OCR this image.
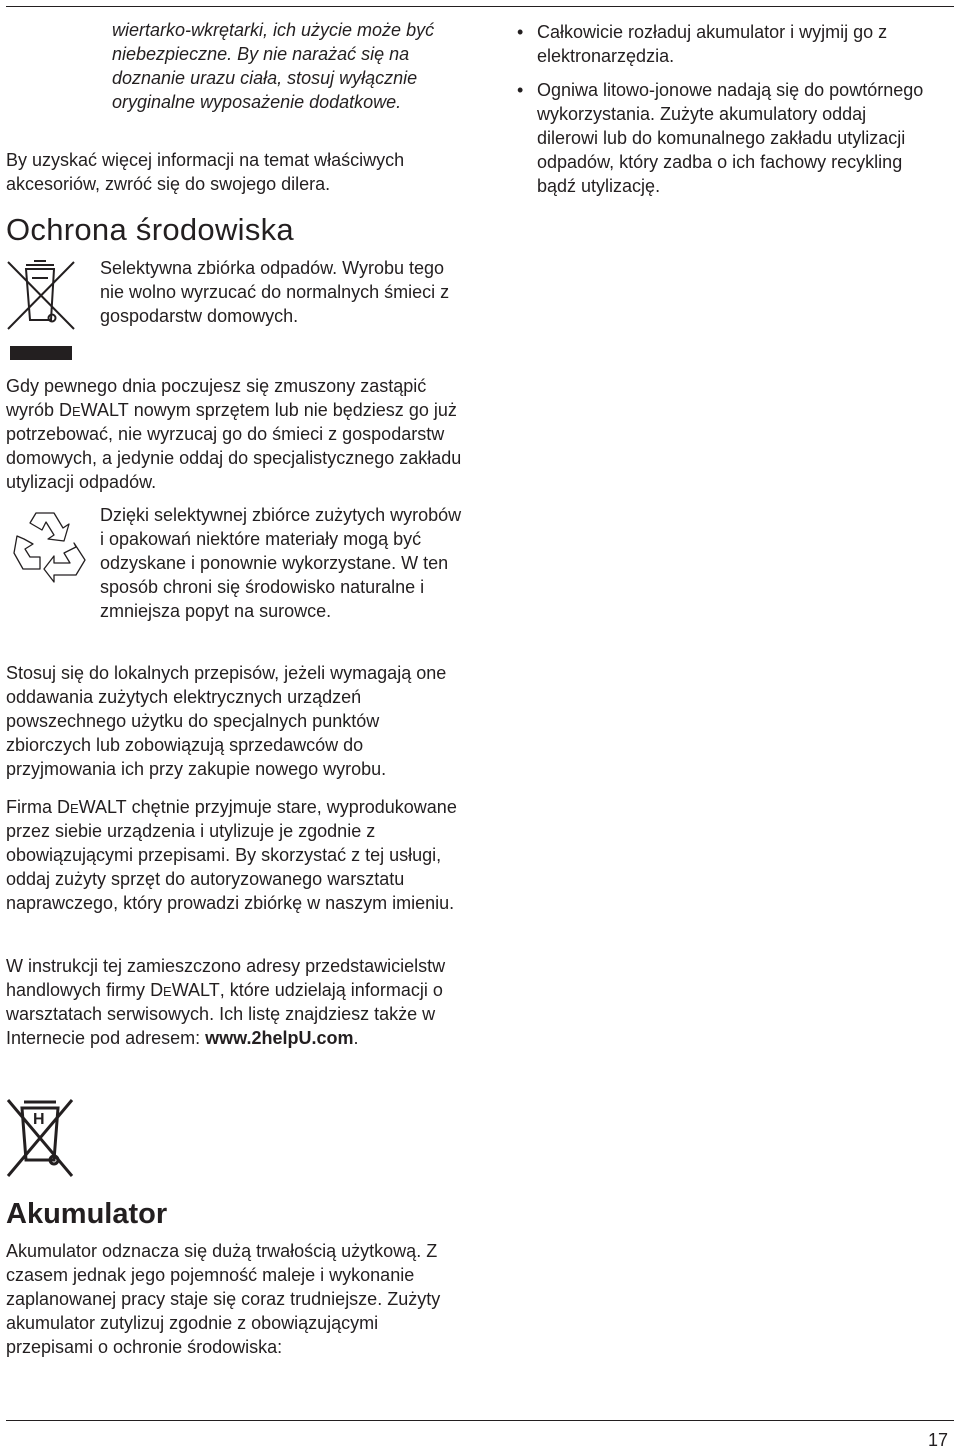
wiertarko-wkrętarki, ich użycie może być niebezpieczne. By nie narażać się na doznanie urazu ciała, stosuj wyłącznie oryginalne wyposażenie dodatkowe.

By uzyskać więcej informacji na temat właściwych akcesoriów, zwróć się do swojego dilera.

Ochrona środowiska

Selektywna zbiórka odpadów. Wyrobu tego nie wolno wyrzucać do normalnych śmieci z gospodarstw domowych.

Gdy pewnego dnia poczujesz się zmuszony zastąpić wyrób DeWALT nowym sprzętem lub nie będziesz go już potrzebować, nie wyrzucaj go do śmieci z gospodarstw domowych, a jedynie oddaj do specjalistycznego zakładu utylizacji odpadów.

Dzięki selektywnej zbiórce zużytych wyrobów i opakowań niektóre materiały mogą być odzyskane i ponownie wykorzystane. W ten sposób chroni się środowisko naturalne i zmniejsza popyt na surowce.

Stosuj się do lokalnych przepisów, jeżeli wymagają one oddawania zużytych elektrycznych urządzeń powszechnego użytku do specjalnych punktów zbiorczych lub zobowiązują sprzedawców do przyjmowania ich przy zakupie nowego wyrobu.

Firma DeWALT chętnie przyjmuje stare, wyprodukowane przez siebie urządzenia i utylizuje je zgodnie z obowiązującymi przepisami. By skorzystać z tej usługi, oddaj zużyty sprzęt do autoryzowanego warsztatu naprawczego, który prowadzi zbiórkę w naszym imieniu.

W instrukcji tej zamieszczono adresy przedstawicielstw handlowych firmy DeWALT, które udzielają informacji o warsztatach serwisowych. Ich listę znajdziesz także w Internecie pod adresem: www.2helpU.com.

H
Akumulator

Akumulator odznacza się dużą trwałością użytkową. Z czasem jednak jego pojemność maleje i wykonanie zaplanowanej pracy staje się coraz trudniejsze. Zużyty akumulator zutylizuj zgodnie z obowiązującymi przepisami o ochronie środowiska:

• Całkowicie rozładuj akumulator i wyjmij go z elektronarzędzia.
• Ogniwa litowo-jonowe nadają się do powtórnego wykorzystania. Zużyte akumulatory oddaj dilerowi lub do komunalnego zakładu utylizacji odpadów, który zadba o ich fachowy recykling bądź utylizację.
17
